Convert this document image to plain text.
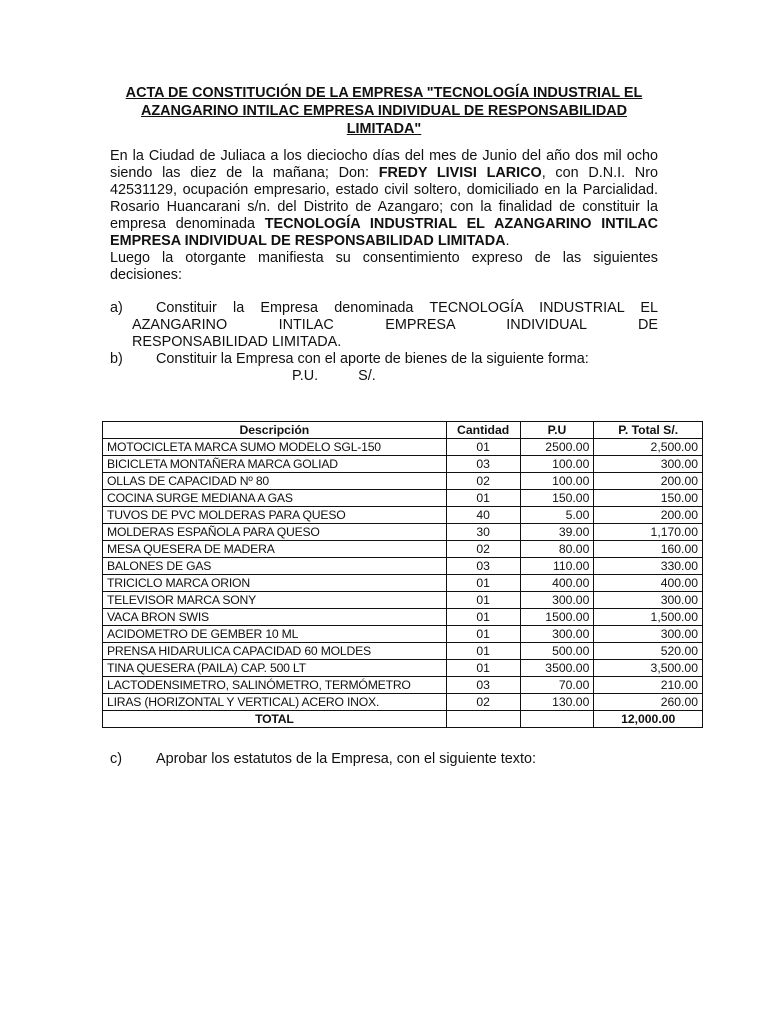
ACTA DE CONSTITUCIÓN DE LA EMPRESA "TECNOLOGÍA INDUSTRIAL EL AZANGARINO INTILAC EMPRESA INDIVIDUAL DE RESPONSABILIDAD LIMITADA"

En la Ciudad de Juliaca a los dieciocho días del mes de Junio del año dos mil ocho siendo las diez de la mañana; Don: FREDY LIVISI LARICO, con D.N.I. Nro 42531129, ocupación empresario, estado civil soltero, domiciliado en la Parcialidad. Rosario Huancarani s/n. del Distrito de Azangaro; con la finalidad de constituir la empresa denominada TECNOLOGÍA INDUSTRIAL EL AZANGARINO INTILAC EMPRESA INDIVIDUAL DE RESPONSABILIDAD LIMITADA.

Luego la otorgante manifiesta su consentimiento expreso de las siguientes decisiones:

a)	Constituir la Empresa denominada TECNOLOGÍA INDUSTRIAL EL AZANGARINO INTILAC EMPRESA INDIVIDUAL DE
RESPONSABILIDAD LIMITADA.
b)	Constituir la Empresa con el aporte de bienes de la siguiente forma:

P.U.	S/.

Descripción	Cantidad	P.U	P. Total S/.
MOTOCICLETA MARCA SUMO MODELO SGL-150	01	2500.00	2,500.00
BICICLETA MONTAÑERA MARCA GOLIAD	03	100.00	300.00
OLLAS DE CAPACIDAD Nº 80	02	100.00	200.00
COCINA SURGE MEDIANA A GAS	01	150.00	150.00
TUVOS DE PVC MOLDERAS PARA QUESO	40	5.00	200.00
MOLDERAS ESPAÑOLA PARA QUESO	30	39.00	1,170.00
MESA QUESERA DE MADERA	02	80.00	160.00
BALONES DE GAS	03	110.00	330.00
TRICICLO MARCA ORION	01	400.00	400.00
TELEVISOR MARCA SONY	01	300.00	300.00
VACA BRON SWIS	01	1500.00	1,500.00
ACIDOMETRO DE GEMBER 10 ML	01	300.00	300.00
PRENSA HIDARULICA CAPACIDAD 60 MOLDES	01	500.00	520.00
TINA QUESERA (PAILA) CAP. 500 LT	01	3500.00	3,500.00
LACTODENSIMETRO, SALINÓMETRO, TERMÓMETRO	03	70.00	210.00
LIRAS (HORIZONTAL Y VERTICAL) ACERO INOX.	02	130.00	260.00
TOTAL			12,000.00
c)	Aprobar los estatutos de la Empresa, con el siguiente texto:
